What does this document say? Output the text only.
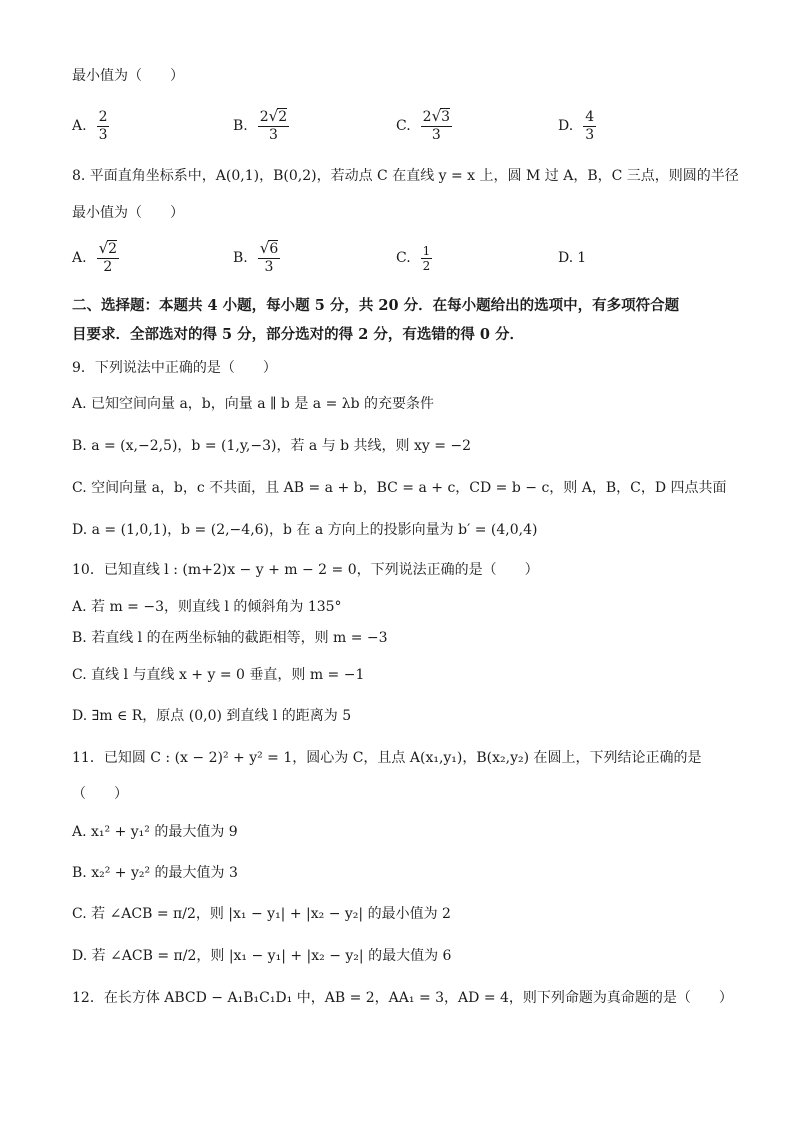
最小值为（　　）
A. $\frac{2}{3}$	B. $\frac{2√2}{3}$	C. $\frac{2√3}{3}$	D. $\frac{4}{3}$
8. 平面直角坐标系中，A(0,1)，B(0,2)，若动点 C 在直线 y = x 上，圆 M 过 A，B，C 三点，则圆的半径
最小值为（　　）
A. $\frac{√2}{2}$	B. $\frac{√6}{3}$	C. $\frac{1}{2}$	D. 1
二、选择题：本题共 4 小题，每小题 5 分，共 20 分．在每小题给出的选项中，有多项符合题
目要求．全部选对的得 5 分，部分选对的得 2 分，有选错的得 0 分．
9．下列说法中正确的是（　　）
A. 已知空间向量 a，b，向量 a ∥ b 是 a = λb 的充要条件
B. a = (x,−2,5)，b = (1,y,−3)，若 a 与 b 共线，则 xy = −2
C. 空间向量 a，b，c 不共面，且 AB = a + b，BC = a + c，CD = b − c，则 A，B，C，D 四点共面
D. a = (1,0,1)，b = (2,−4,6)，b 在 a 方向上的投影向量为 b′ = (4,0,4)
10．已知直线 l : (m+2)x − y + m − 2 = 0，下列说法正确的是（　　）
A. 若 m = −3，则直线 l 的倾斜角为 135°
B. 若直线 l 的在两坐标轴的截距相等，则 m = −3
C. 直线 l 与直线 x + y = 0 垂直，则 m = −1
D. ∃m ∈ R，原点 (0,0) 到直线 l 的距离为 5
11．已知圆 C : (x − 2)² + y² = 1，圆心为 C，且点 A(x₁,y₁)，B(x₂,y₂) 在圆上，下列结论正确的是
（　　）
A. x₁² + y₁² 的最大值为 9
B. x₂² + y₂² 的最大值为 3
C. 若 ∠ACB = π/2，则 |x₁ − y₁| + |x₂ − y₂| 的最小值为 2
D. 若 ∠ACB = π/2，则 |x₁ − y₁| + |x₂ − y₂| 的最大值为 6
12．在长方体 ABCD − A₁B₁C₁D₁ 中，AB = 2，AA₁ = 3，AD = 4，则下列命题为真命题的是（　　）
